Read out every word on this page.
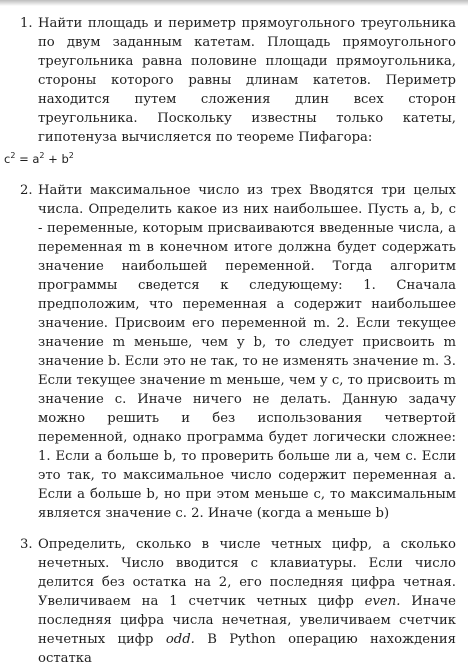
1. Найти площадь и периметр прямоугольного треугольника по двум заданным катетам. Площадь прямоугольного треугольника равна половине площади прямоугольника, стороны которого равны длинам катетов. Периметр находится путем сложения длин всех сторон треугольника. Поскольку известны только катеты, гипотенуза вычисляется по теореме Пифагора:
$c^2 = a^2 + b^2$
2. Найти максимальное число из трех Вводятся три целых числа. Определить какое из них наибольшее. Пусть a, b, c - переменные, которым присваиваются введенные числа, а переменная m в конечном итоге должна будет содержать значение наибольшей переменной. Тогда алгоритм программы сведется к следующему: 1. Сначала предположим, что переменная a содержит наибольшее значение. Присвоим его переменной m. 2. Если текущее значение m меньше, чем у b, то следует присвоить m значение b. Если это не так, то не изменять значение m. 3. Если текущее значение m меньше, чем у c, то присвоить m значение c. Иначе ничего не делать. Данную задачу можно решить и без использования четвертой переменной, однако программа будет логически сложнее: 1. Если a больше b, то проверить больше ли a, чем c. Если это так, то максимальное число содержит переменная a. Если a больше b, но при этом меньше c, то максимальным является значение c. 2. Иначе (когда a меньше b)
3. Определить, сколько в числе четных цифр, а сколько нечетных. Число вводится с клавиатуры. Если число делится без остатка на 2, его последняя цифра четная. Увеличиваем на 1 счетчик четных цифр even. Иначе последняя цифра числа нечетная, увеличиваем счетчик нечетных цифр odd. В Python операцию нахождения остатка
